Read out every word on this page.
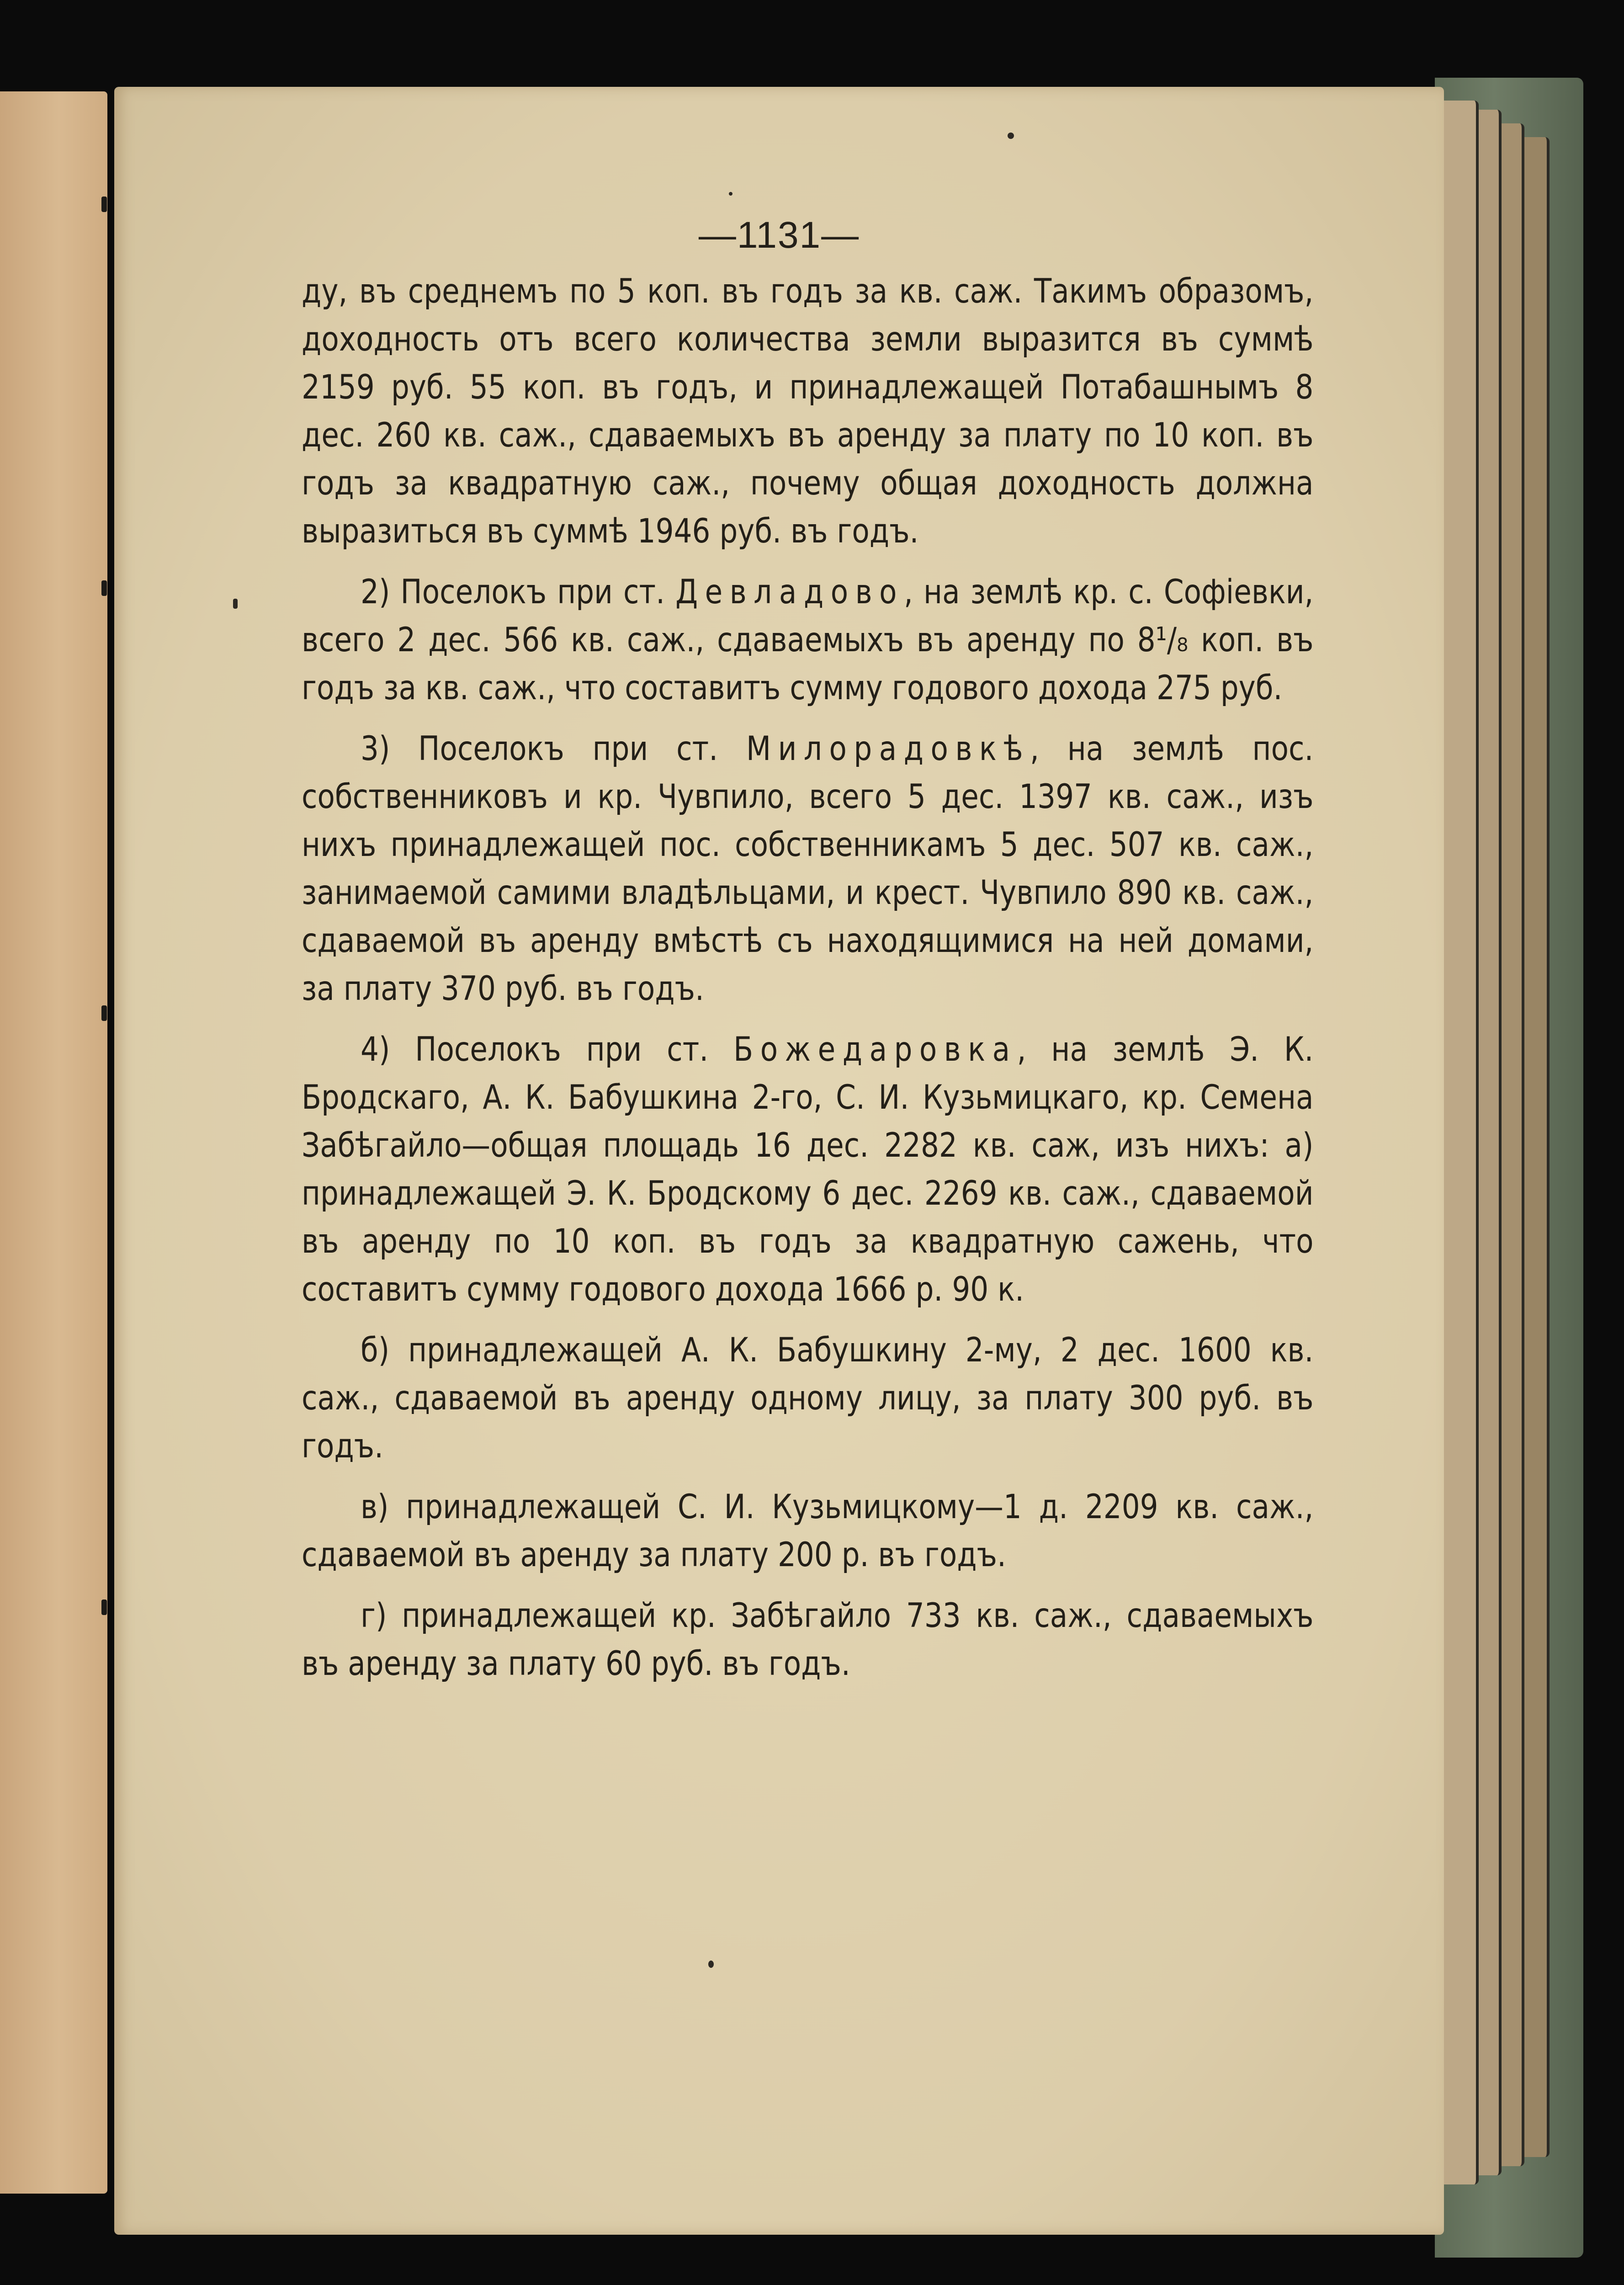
—1131—

ду, въ среднемъ по 5 коп. въ годъ за кв. саж. Такимъ образомъ, доходность отъ всего количества земли выразится въ суммѣ 2159 руб. 55 коп. въ годъ, и принадлежащей Потабашнымъ 8 дес. 260 кв. саж., сдаваемыхъ въ аренду за плату по 10 коп. въ годъ за квадратную саж., почему общая доходность должна выразиться въ суммѣ 1946 руб. въ годъ.

2) Поселокъ при ст. Девладово, на землѣ кр. с. Софіевки, всего 2 дес. 566 кв. саж., сдаваемыхъ въ аренду по 8¹/₈ коп. въ годъ за кв. саж., что составитъ сумму годового дохода 275 руб.

3) Поселокъ при ст. Милорадовкѣ, на землѣ пос. собственниковъ и кр. Чувпило, всего 5 дес. 1397 кв. саж., изъ нихъ принадлежащей пос. собственникамъ 5 дес. 507 кв. саж., занимаемой самими владѣльцами, и крест. Чувпило 890 кв. саж., сдаваемой въ аренду вмѣстѣ съ находящимися на ней домами, за плату 370 руб. въ годъ.

4) Поселокъ при ст. Божедаровка, на землѣ Э. К. Бродскаго, А. К. Бабушкина 2-го, С. И. Кузьмицкаго, кр. Семена Забѣгайло—общая площадь 16 дес. 2282 кв. саж, изъ нихъ: а) принадлежащей Э. К. Бродскому 6 дес. 2269 кв. саж., сдаваемой въ аренду по 10 коп. въ годъ за квадратную сажень, что составитъ сумму годового дохода 1666 р. 90 к.

б) принадлежащей А. К. Бабушкину 2-му, 2 дес. 1600 кв. саж., сдаваемой въ аренду одному лицу, за плату 300 руб. въ годъ.

в) принадлежащей С. И. Кузьмицкому—1 д. 2209 кв. саж., сдаваемой въ аренду за плату 200 р. въ годъ.

г) принадлежащей кр. Забѣгайло 733 кв. саж., сдаваемыхъ въ аренду за плату 60 руб. въ годъ.
